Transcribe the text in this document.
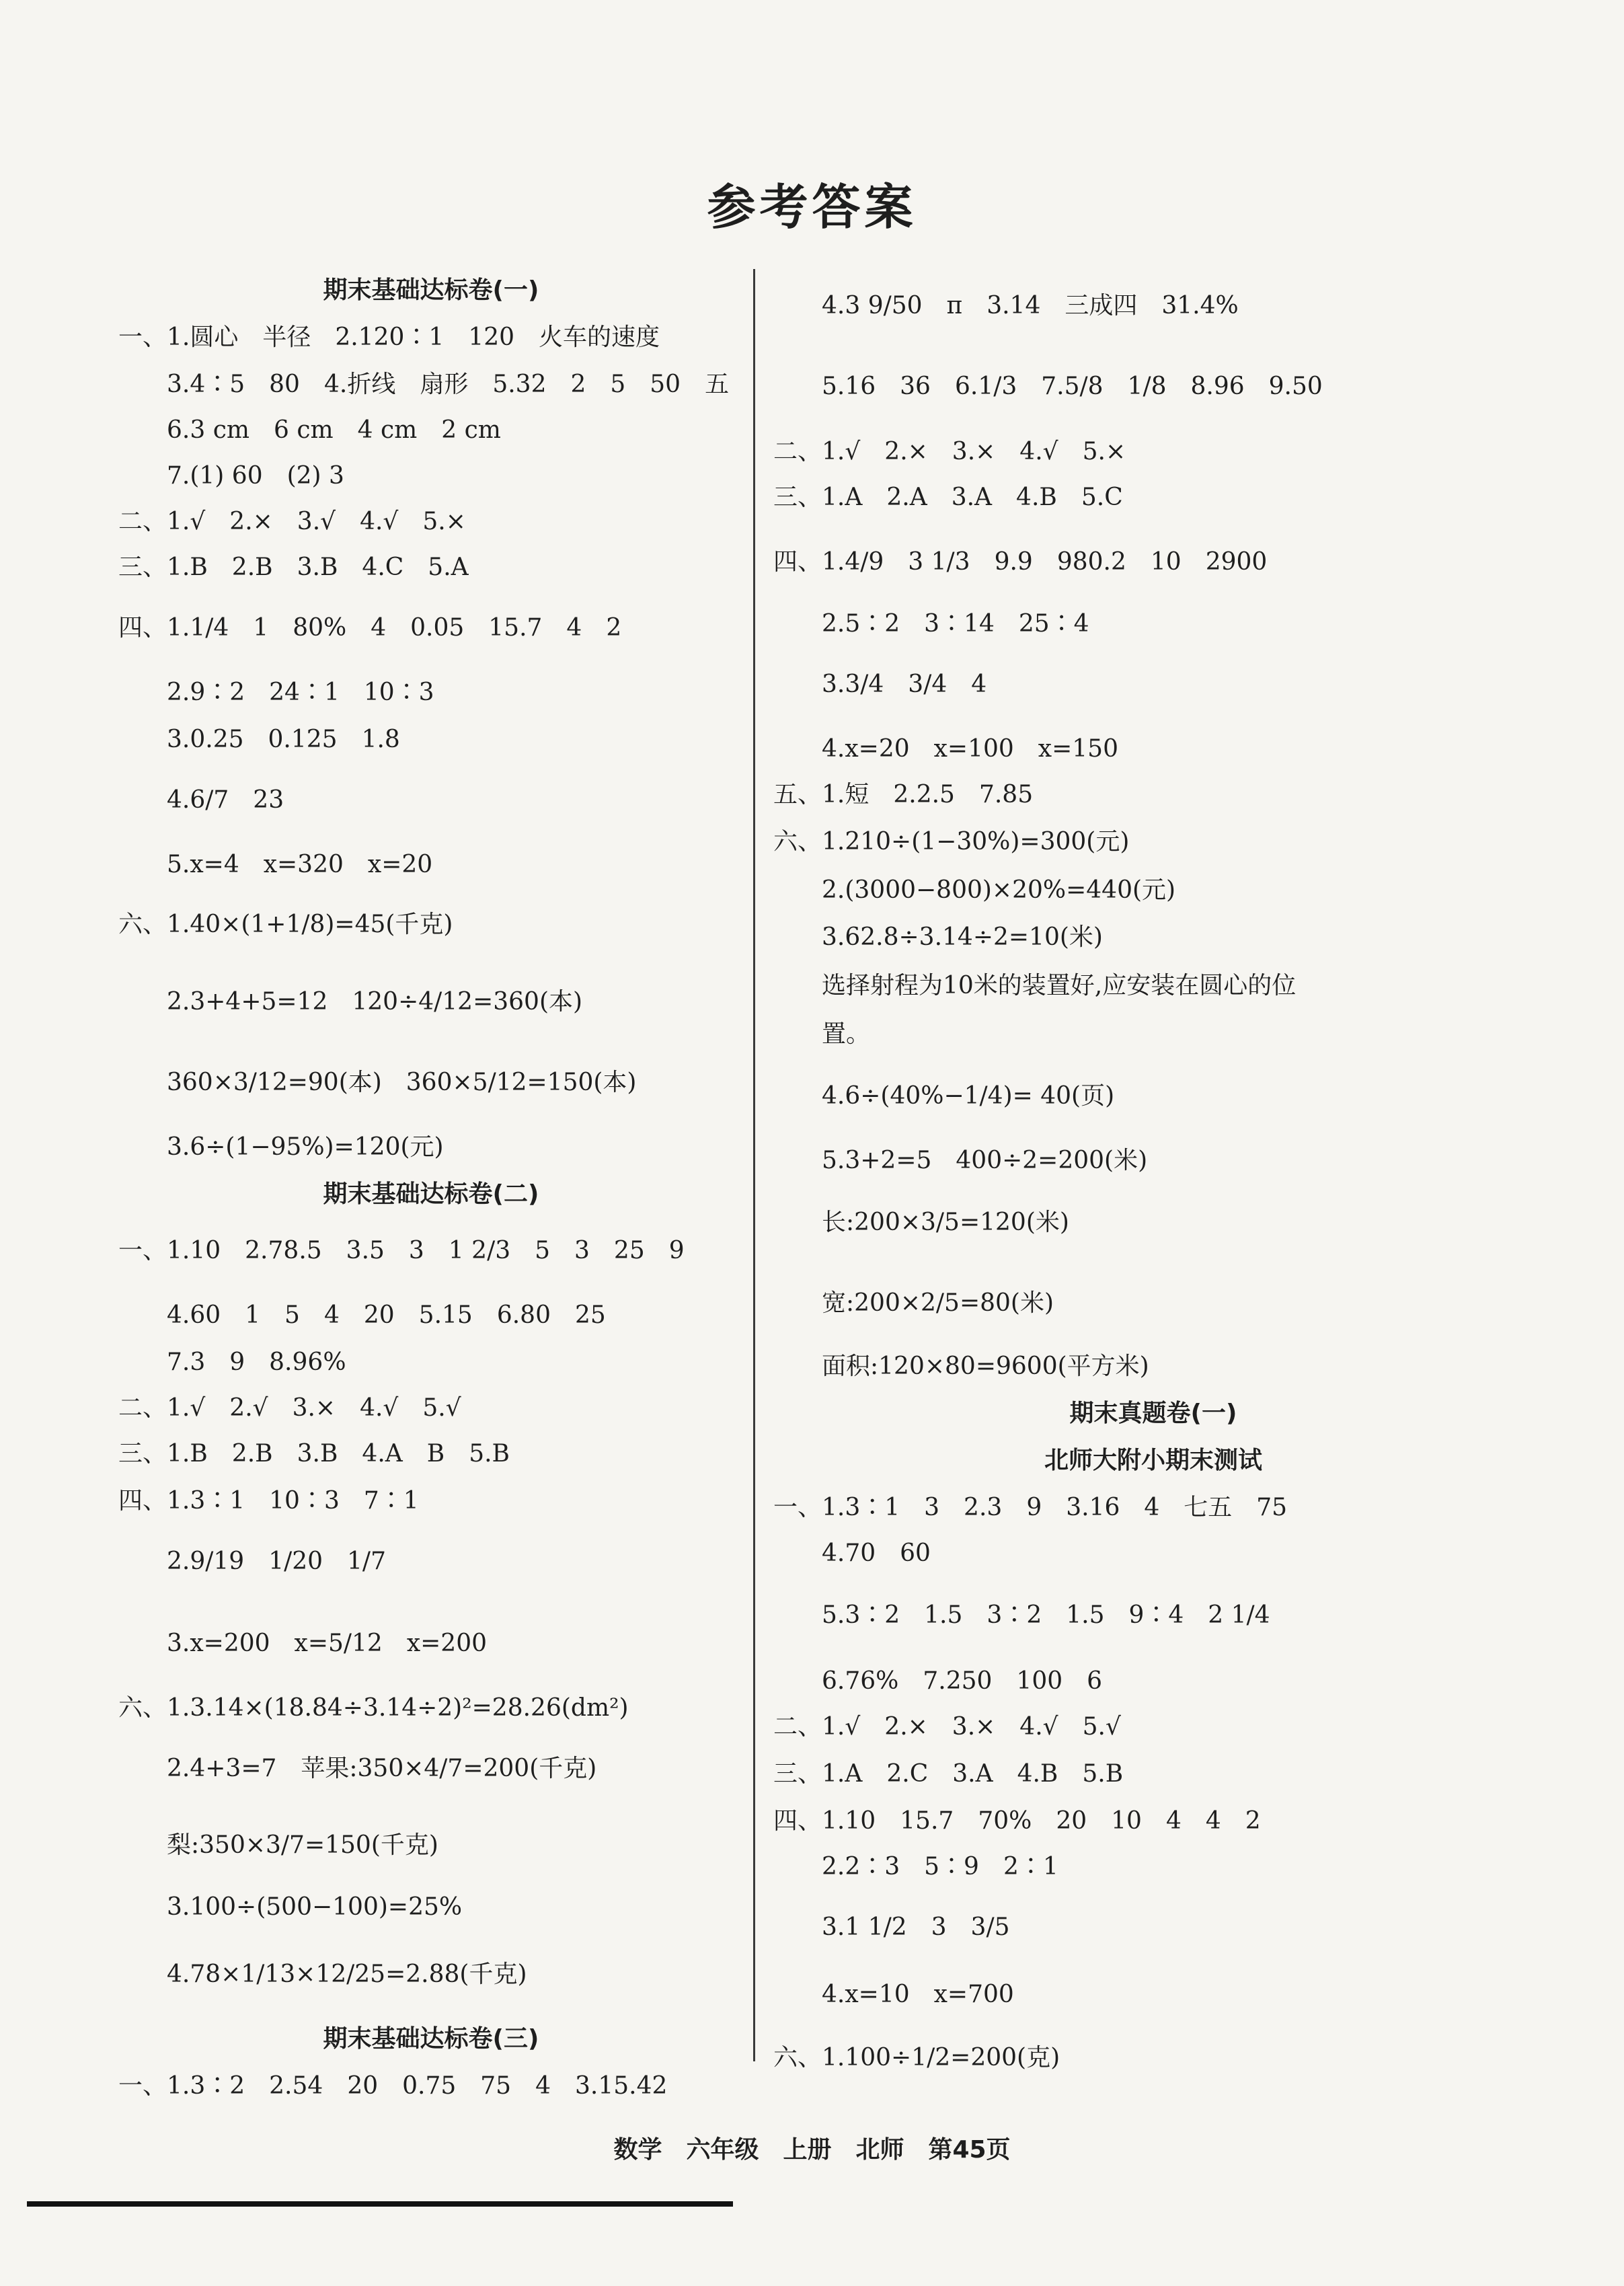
参考答案
期末基础达标卷(一)
一、1.圆心　半径　2.120∶1　120　火车的速度
　　3.4∶5　80　4.折线　扇形　5.32　2　5　50　五
　　6.3 cm　6 cm　4 cm　2 cm
　　7.(1) 60　(2) 3
二、1.√　2.×　3.√　4.√　5.×
三、1.B　2.B　3.B　4.C　5.A
四、1.1/4　1　80%　4　0.05　15.7　4　2
　　2.9∶2　24∶1　10∶3
　　3.0.25　0.125　1.8
　　4.6/7　23
　　5.x=4　x=320　x=20
六、1.40×(1+1/8)=45(千克)
　　2.3+4+5=12　120÷4/12=360(本)
　　360×3/12=90(本)　360×5/12=150(本)
　　3.6÷(1−95%)=120(元)
期末基础达标卷(二)
一、1.10　2.78.5　3.5　3　1 2/3　5　3　25　9
　　4.60　1　5　4　20　5.15　6.80　25
　　7.3　9　8.96%
二、1.√　2.√　3.×　4.√　5.√
三、1.B　2.B　3.B　4.A　B　5.B
四、1.3∶1　10∶3　7∶1
　　2.9/19　1/20　1/7
　　3.x=200　x=5/12　x=200
六、1.3.14×(18.84÷3.14÷2)²=28.26(dm²)
　　2.4+3=7　苹果:350×4/7=200(千克)
　　梨:350×3/7=150(千克)
　　3.100÷(500−100)=25%
　　4.78×1/13×12/25=2.88(千克)
期末基础达标卷(三)
一、1.3∶2　2.54　20　0.75　75　4　3.15.42
　　4.3 9/50　π　3.14　三成四　31.4%
　　5.16　36　6.1/3　7.5/8　1/8　8.96　9.50
二、1.√　2.×　3.×　4.√　5.×
三、1.A　2.A　3.A　4.B　5.C
四、1.4/9　3 1/3　9.9　980.2　10　2900
　　2.5∶2　3∶14　25∶4
　　3.3/4　3/4　4
　　4.x=20　x=100　x=150
五、1.短　2.2.5　7.85
六、1.210÷(1−30%)=300(元)
　　2.(3000−800)×20%=440(元)
　　3.62.8÷3.14÷2=10(米)
　　选择射程为10米的装置好,应安装在圆心的位
　　置。
　　4.6÷(40%−1/4)= 40(页)
　　5.3+2=5　400÷2=200(米)
　　长:200×3/5=120(米)
　　宽:200×2/5=80(米)
　　面积:120×80=9600(平方米)
期末真题卷(一)
北师大附小期末测试
一、1.3∶1　3　2.3　9　3.16　4　七五　75
　　4.70　60
　　5.3∶2　1.5　3∶2　1.5　9∶4　2 1/4
　　6.76%　7.250　100　6
二、1.√　2.×　3.×　4.√　5.√
三、1.A　2.C　3.A　4.B　5.B
四、1.10　15.7　70%　20　10　4　4　2
　　2.2∶3　5∶9　2∶1
　　3.1 1/2　3　3/5
　　4.x=10　x=700
六、1.100÷1/2=200(克)
数学　六年级　上册　北师　第45页
